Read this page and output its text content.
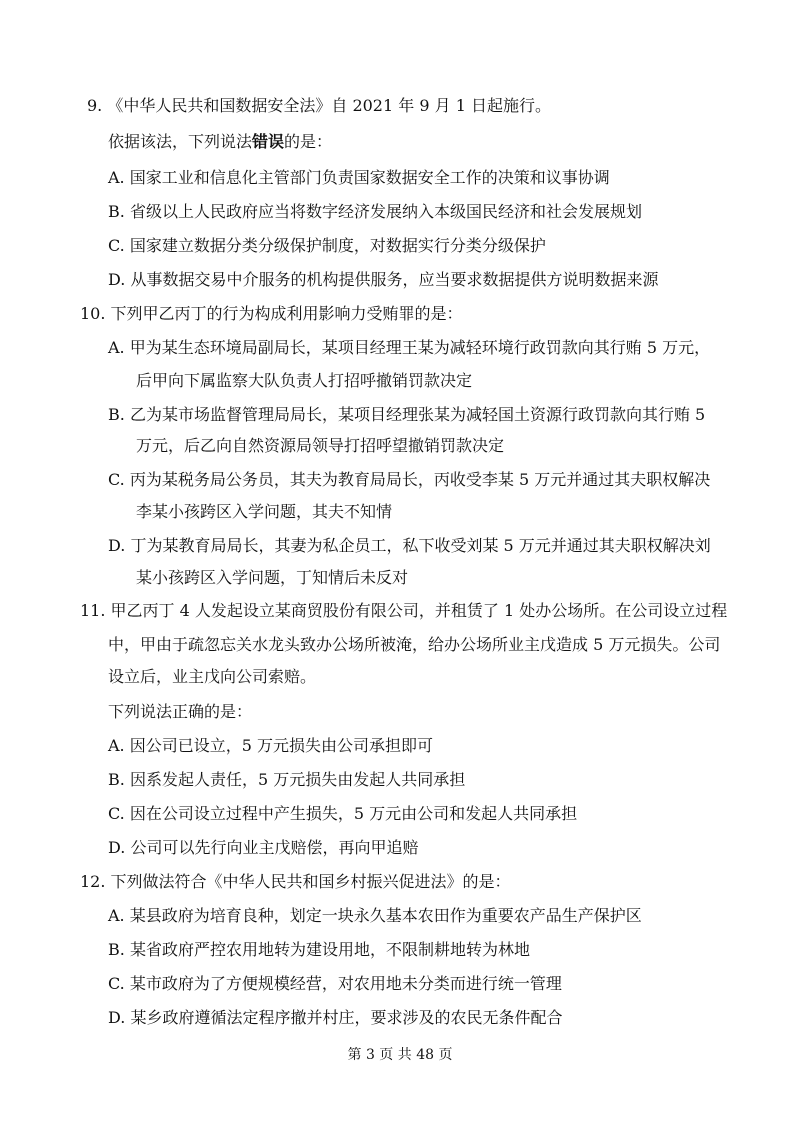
9. 《中华人民共和国数据安全法》自 2021 年 9 月 1 日起施行。
依据该法，下列说法错误的是：
A. 国家工业和信息化主管部门负责国家数据安全工作的决策和议事协调
B. 省级以上人民政府应当将数字经济发展纳入本级国民经济和社会发展规划
C. 国家建立数据分类分级保护制度，对数据实行分类分级保护
D. 从事数据交易中介服务的机构提供服务，应当要求数据提供方说明数据来源
10. 下列甲乙丙丁的行为构成利用影响力受贿罪的是：
A. 甲为某生态环境局副局长，某项目经理王某为减轻环境行政罚款向其行贿 5 万元，
后甲向下属监察大队负责人打招呼撤销罚款决定
B. 乙为某市场监督管理局局长，某项目经理张某为减轻国土资源行政罚款向其行贿 5
万元，后乙向自然资源局领导打招呼望撤销罚款决定
C. 丙为某税务局公务员，其夫为教育局局长，丙收受李某 5 万元并通过其夫职权解决
李某小孩跨区入学问题，其夫不知情
D. 丁为某教育局局长，其妻为私企员工，私下收受刘某 5 万元并通过其夫职权解决刘
某小孩跨区入学问题，丁知情后未反对
11. 甲乙丙丁 4 人发起设立某商贸股份有限公司，并租赁了 1 处办公场所。在公司设立过程
中，甲由于疏忽忘关水龙头致办公场所被淹，给办公场所业主戊造成 5 万元损失。公司
设立后，业主戊向公司索赔。
下列说法正确的是：
A. 因公司已设立，5 万元损失由公司承担即可
B. 因系发起人责任，5 万元损失由发起人共同承担
C. 因在公司设立过程中产生损失，5 万元由公司和发起人共同承担
D. 公司可以先行向业主戊赔偿，再向甲追赔
12. 下列做法符合《中华人民共和国乡村振兴促进法》的是：
A. 某县政府为培育良种，划定一块永久基本农田作为重要农产品生产保护区
B. 某省政府严控农用地转为建设用地，不限制耕地转为林地
C. 某市政府为了方便规模经营，对农用地未分类而进行统一管理
D. 某乡政府遵循法定程序撤并村庄，要求涉及的农民无条件配合
第 3 页 共 48 页
